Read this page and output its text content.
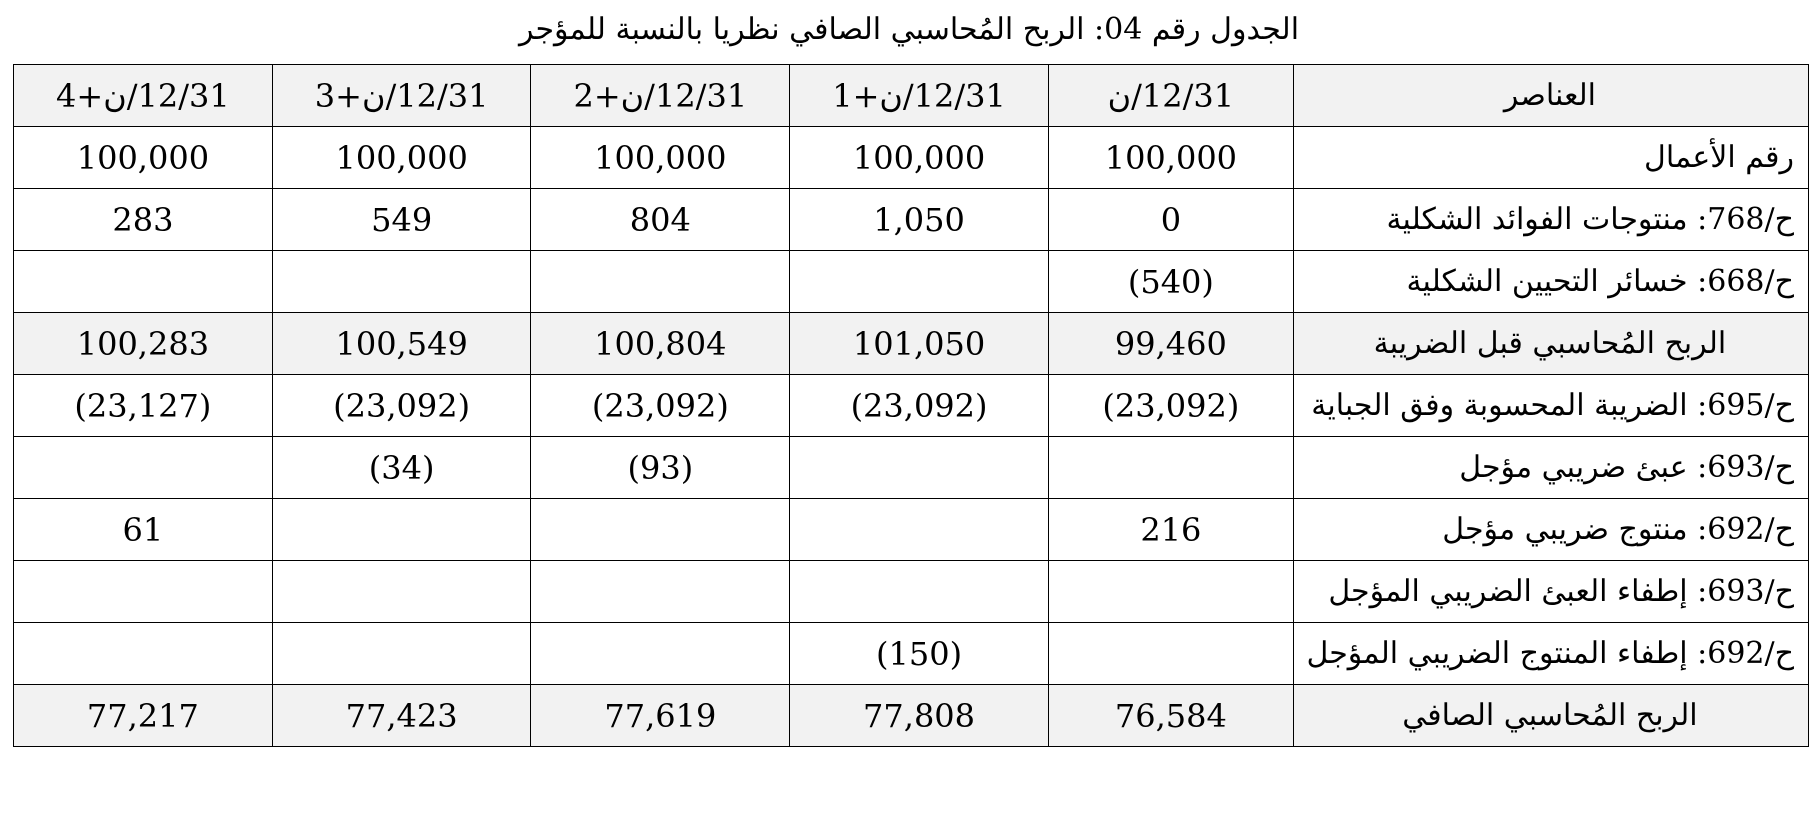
الجدول رقم 04: الربح المُحاسبي الصافي نظريا بالنسبة للمؤجر
العناصر	12/31/ن	12/31/ن+1	12/31/ن+2	12/31/ن+3	12/31/ن+4
رقم الأعمال	100,000	100,000	100,000	100,000	100,000
ح/768: منتوجات الفوائد الشكلية	0	1,050	804	549	283
ح/668: خسائر التحيين الشكلية	(540)				
الربح المُحاسبي قبل الضريبة	99,460	101,050	100,804	100,549	100,283
ح/695: الضريبة المحسوبة وفق الجباية	(23,092)	(23,092)	(23,092)	(23,092)	(23,127)
ح/693: عبئ ضريبي مؤجل			(93)	(34)	
ح/692: منتوج ضريبي مؤجل	216				61
ح/693: إطفاء العبئ الضريبي المؤجل					
ح/692: إطفاء المنتوج الضريبي المؤجل		(150)			
الربح المُحاسبي الصافي	76,584	77,808	77,619	77,423	77,217
